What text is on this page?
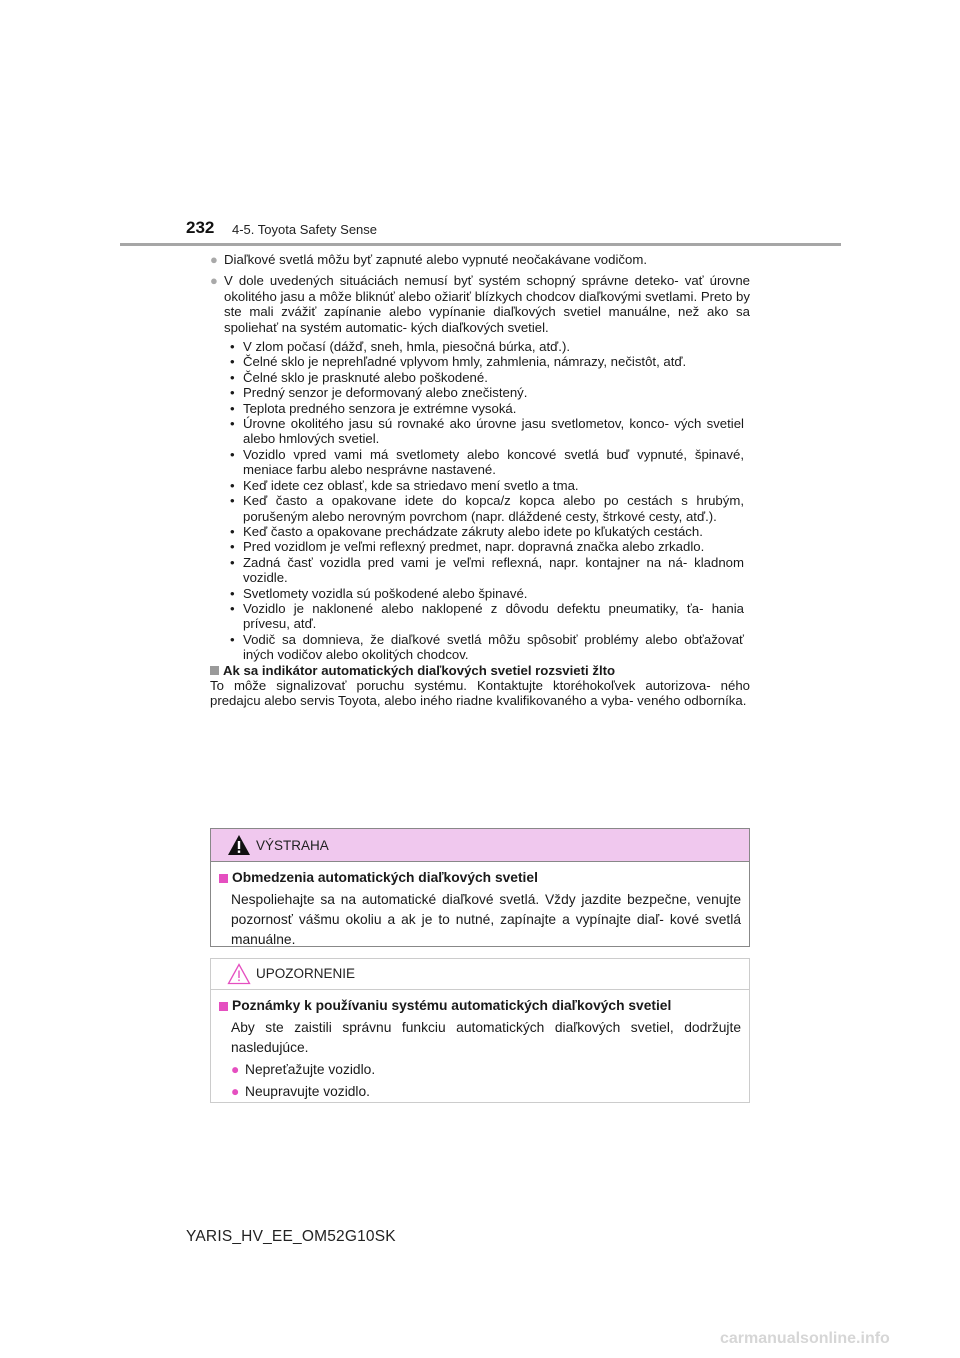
232 4-5. Toyota Safety Sense
● Diaľkové svetlá môžu byť zapnuté alebo vypnuté neočakávane vodičom.
● V dole uvedených situáciách nemusí byť systém schopný správne deteko- vať úrovne okolitého jasu a môže bliknúť alebo ožiariť blízkych chodcov diaľkovými svetlami. Preto by ste mali zvážiť zapínanie alebo vypínanie diaľkových svetiel manuálne, než ako sa spoliehať na systém automatic- kých diaľkových svetiel.
• V zlom počasí (dážď, sneh, hmla, piesočná búrka, atď.).
• Čelné sklo je neprehľadné vplyvom hmly, zahmlenia, námrazy, nečistôt, atď.
• Čelné sklo je prasknuté alebo poškodené.
• Predný senzor je deformovaný alebo znečistený.
• Teplota predného senzora je extrémne vysoká.
• Úrovne okolitého jasu sú rovnaké ako úrovne jasu svetlometov, konco- vých svetiel alebo hmlových svetiel.
• Vozidlo vpred vami má svetlomety alebo koncové svetlá buď vypnuté, špinavé, meniace farbu alebo nesprávne nastavené.
• Keď idete cez oblasť, kde sa striedavo mení svetlo a tma.
• Keď často a opakovane idete do kopca/z kopca alebo po cestách s hrubým, porušeným alebo nerovným povrchom (napr. dláždené cesty, štrkové cesty, atď.).
• Keď často a opakovane prechádzate zákruty alebo idete po kľukatých cestách.
• Pred vozidlom je veľmi reflexný predmet, napr. dopravná značka alebo zrkadlo.
• Zadná časť vozidla pred vami je veľmi reflexná, napr. kontajner na ná- kladnom vozidle.
• Svetlomety vozidla sú poškodené alebo špinavé.
• Vozidlo je naklonené alebo naklopené z dôvodu defektu pneumatiky, ťa- hania prívesu, atď.
• Vodič sa domnieva, že diaľkové svetlá môžu spôsobiť problémy alebo obťažovať iných vodičov alebo okolitých chodcov.
Ak sa indikátor automatických diaľkových svetiel rozsvieti žlto
To môže signalizovať poruchu systému. Kontaktujte ktoréhokoľvek autorizova- ného predajcu alebo servis Toyota, alebo iného riadne kvalifikovaného a vyba- veného odborníka.
VÝSTRAHA
Obmedzenia automatických diaľkových svetiel
Nespoliehajte sa na automatické diaľkové svetlá. Vždy jazdite bezpečne, venujte pozornosť vášmu okoliu a ak je to nutné, zapínajte a vypínajte diaľ- kové svetlá manuálne.
UPOZORNENIE
Poznámky k používaniu systému automatických diaľkových svetiel
Aby ste zaistili správnu funkciu automatických diaľkových svetiel, dodržujte nasledujúce.
● Nepreťažujte vozidlo.
● Neupravujte vozidlo.
YARIS_HV_EE_OM52G10SK
carmanualsonline.info
